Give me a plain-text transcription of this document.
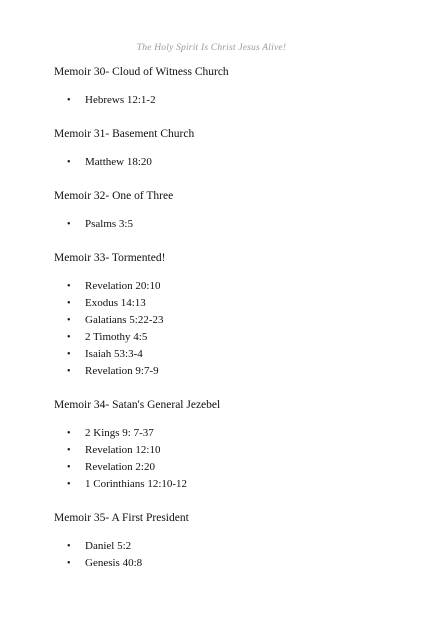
The Holy Spirit Is Christ Jesus Alive!
Memoir 30- Cloud of Witness Church
• Hebrews 12:1-2
Memoir 31- Basement Church
• Matthew 18:20
Memoir 32- One of Three
• Psalms 3:5
Memoir 33- Tormented!
• Revelation 20:10
• Exodus 14:13
• Galatians 5:22-23
• 2 Timothy 4:5
• Isaiah 53:3-4
• Revelation 9:7-9
Memoir 34- Satan's General Jezebel
• 2 Kings 9: 7-37
• Revelation 12:10
• Revelation 2:20
• 1 Corinthians 12:10-12
Memoir 35- A First President
• Daniel 5:2
• Genesis 40:8
